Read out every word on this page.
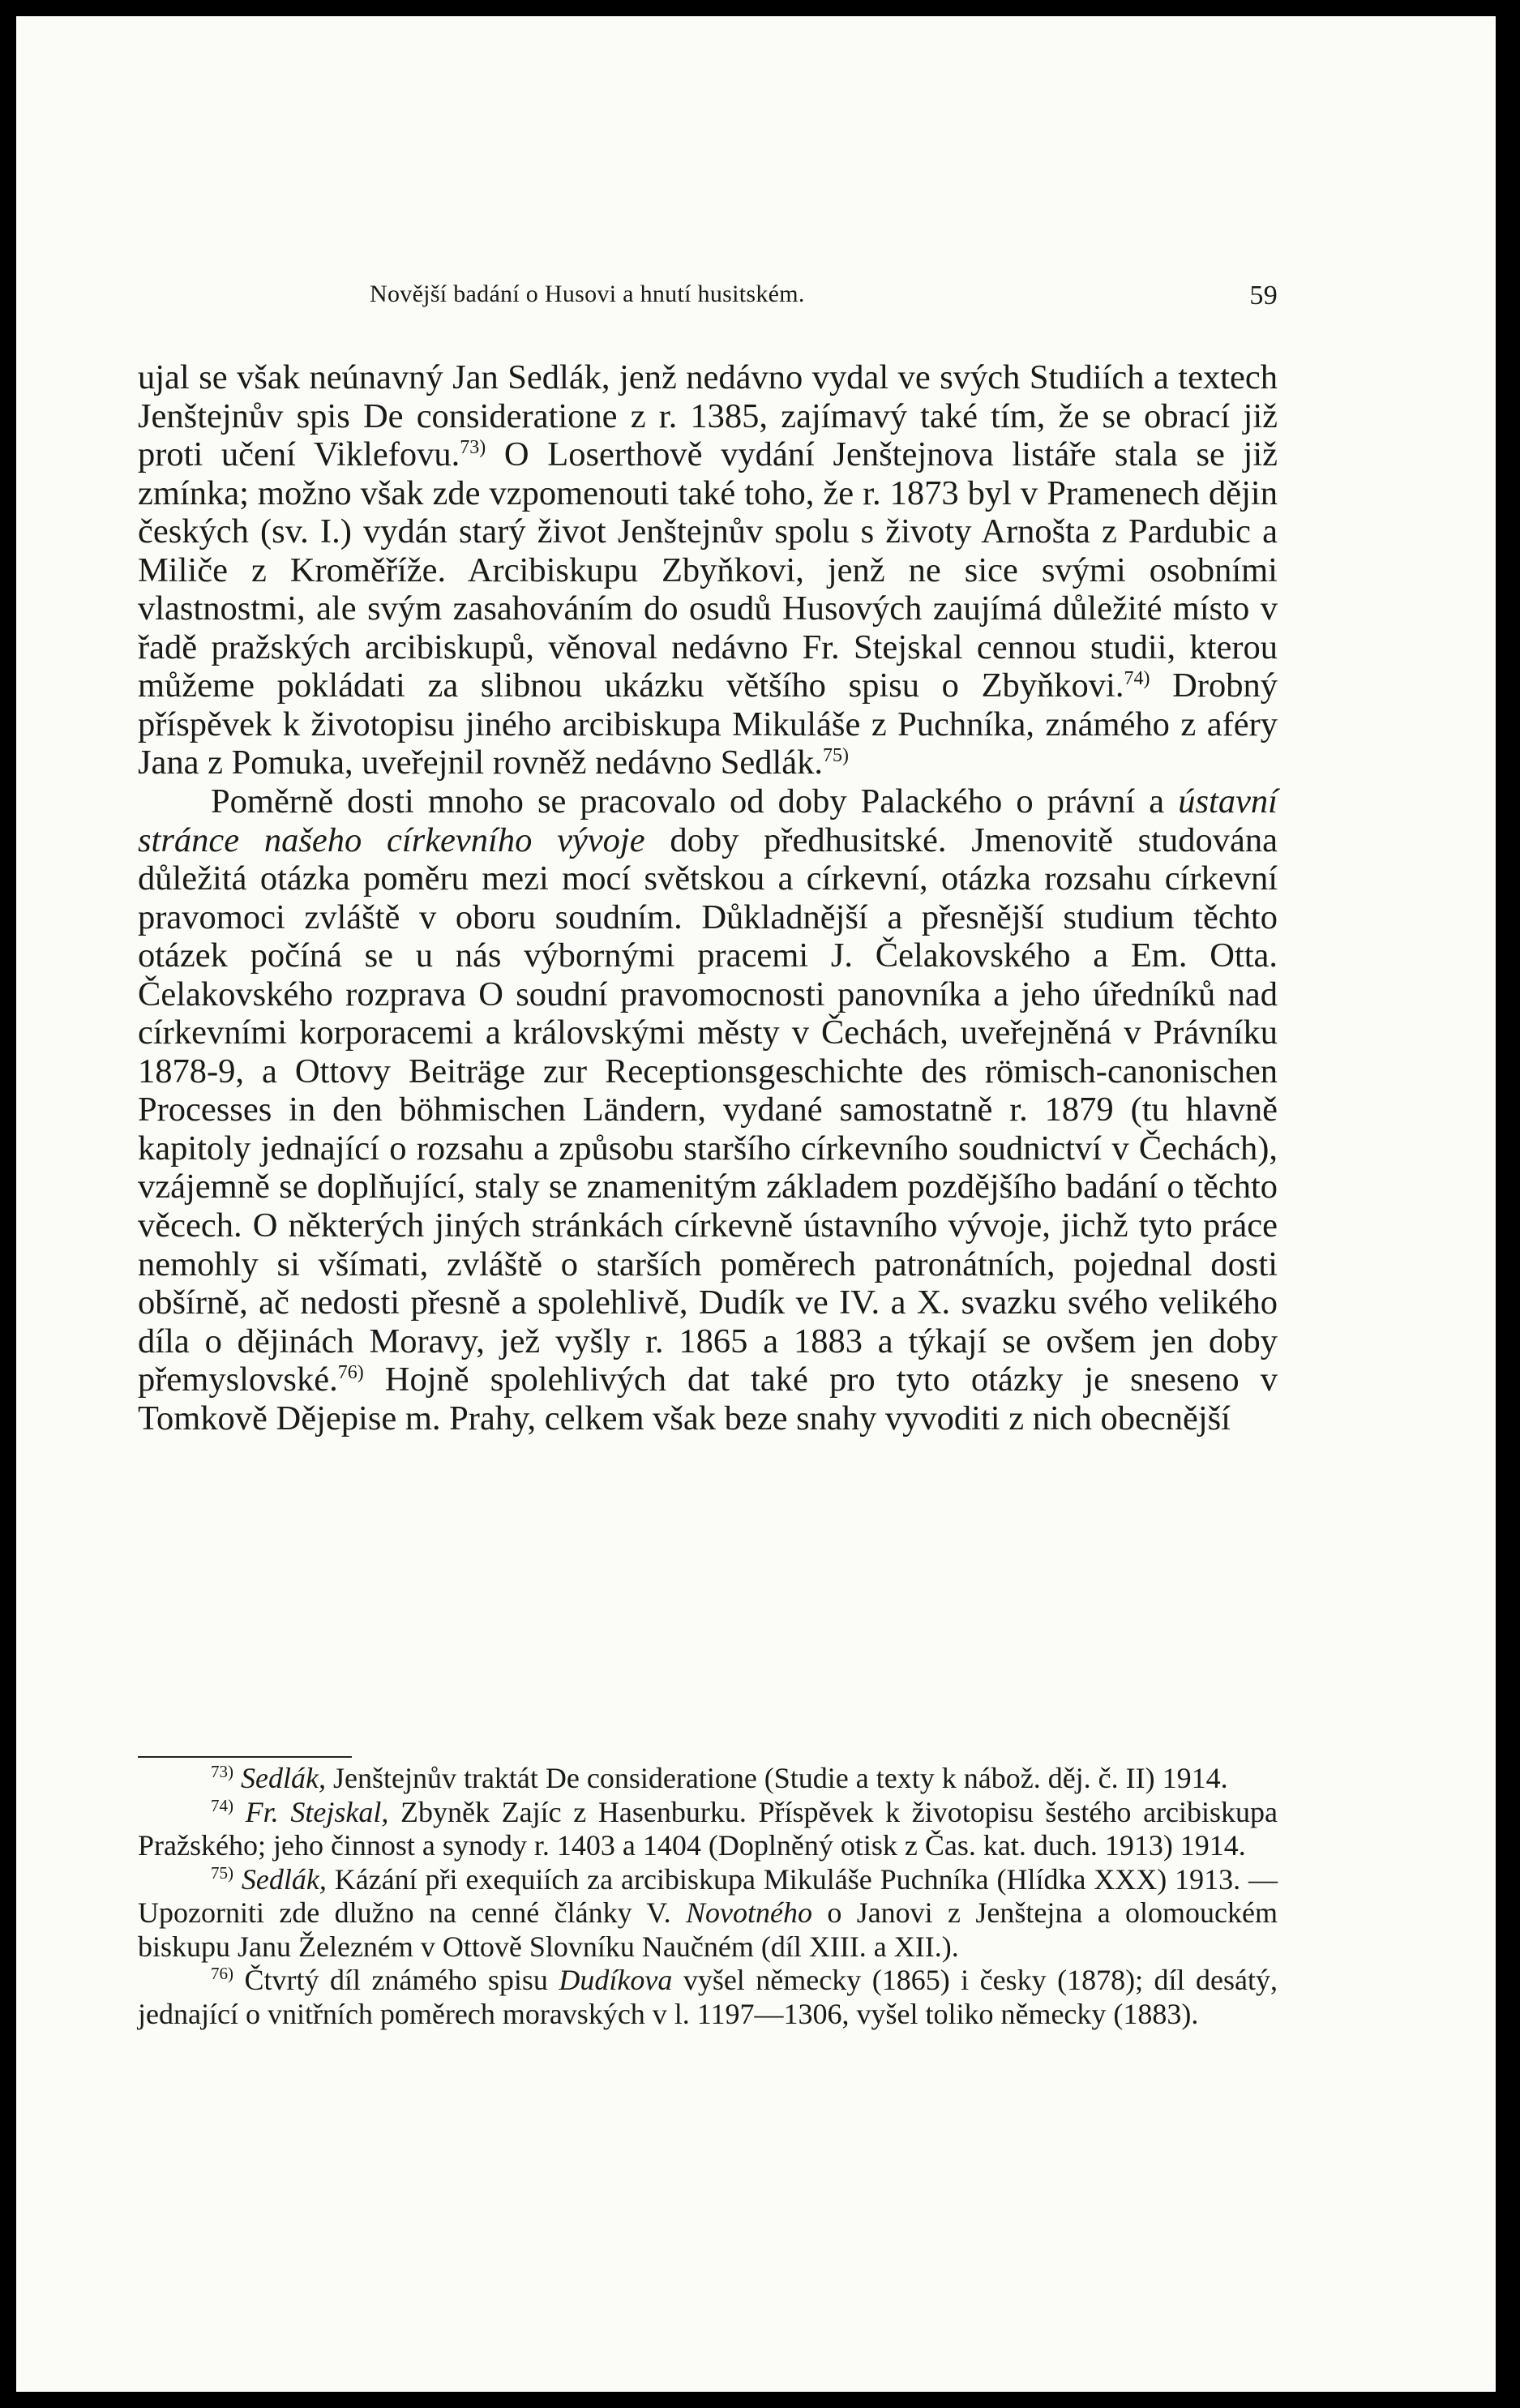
Novější badání o Husovi a hnutí husitském.	59

ujal se však neúnavný Jan Sedlák, jenž nedávno vydal ve svých Studiích a textech Jenštejnův spis De consideratione z r. 1385, zajímavý také tím, že se obrací již proti učení Viklefovu.$^{73)}$ O Loserthově vydání Jenštejnova listáře stala se již zmínka; možno však zde vzpomenouti také toho, že r. 1873 byl v Pramenech dějin českých (sv. I.) vydán starý život Jenštejnův spolu s životy Arnošta z Pardubic a Miliče z Kroměříže. Arcibiskupu Zbyňkovi, jenž ne sice svými osobními vlastnostmi, ale svým zasahováním do osudů Husových zaujímá důležité místo v řadě pražských arcibiskupů, věnoval nedávno Fr. Stejskal cennou studii, kterou můžeme pokládati za slibnou ukázku většího spisu o Zbyňkovi.$^{74)}$ Drobný příspěvek k životopisu jiného arcibiskupa Mikuláše z Puchníka, známého z aféry Jana z Pomuka, uveřejnil rovněž nedávno Sedlák.$^{75)}$

Poměrně dosti mnoho se pracovalo od doby Palackého o právní a ústavní stránce našeho církevního vývoje doby předhusitské. Jmenovitě studována důležitá otázka poměru mezi mocí světskou a církevní, otázka rozsahu církevní pravomoci zvláště v oboru soudním. Důkladnější a přesnější studium těchto otázek počíná se u nás výbornými pracemi J. Čelakovského a Em. Otta. Čelakovského rozprava O soudní pravomocnosti panovníka a jeho úředníků nad církevními korporacemi a královskými městy v Čechách, uveřejněná v Právníku 1878-9, a Ottovy Beiträge zur Receptionsgeschichte des römisch-canonischen Processes in den böhmischen Ländern, vydané samostatně r. 1879 (tu hlavně kapitoly jednající o rozsahu a způsobu staršího církevního soudnictví v Čechách), vzájemně se doplňující, staly se znamenitým základem pozdějšího badání o těchto věcech. O některých jiných stránkách církevně ústavního vývoje, jichž tyto práce nemohly si všímati, zvláště o starších poměrech patronátních, pojednal dosti obšírně, ač nedosti přesně a spolehlivě, Dudík ve IV. a X. svazku svého velikého díla o dějinách Moravy, jež vyšly r. 1865 a 1883 a týkají se ovšem jen doby přemyslovské.$^{76)}$ Hojně spolehlivých dat také pro tyto otázky je sneseno v Tomkově Dějepise m. Prahy, celkem však beze snahy vyvoditi z nich obecnější

$^{73)}$ Sedlák, Jenštejnův traktát De consideratione (Studie a texty k nábož. děj. č. II) 1914.

$^{74)}$ Fr. Stejskal, Zbyněk Zajíc z Hasenburku. Příspěvek k životopisu šestého arcibiskupa Pražského; jeho činnost a synody r. 1403 a 1404 (Doplněný otisk z Čas. kat. duch. 1913) 1914.

$^{75)}$ Sedlák, Kázání při exequiích za arcibiskupa Mikuláše Puchníka (Hlídka XXX) 1913. — Upozorniti zde dlužno na cenné články V. Novotného o Janovi z Jenštejna a olomouckém biskupu Janu Železném v Ottově Slovníku Naučném (díl XIII. a XII.).

$^{76)}$ Čtvrtý díl známého spisu Dudíkova vyšel německy (1865) i česky (1878); díl desátý, jednající o vnitřních poměrech moravských v l. 1197—1306, vyšel toliko německy (1883).
